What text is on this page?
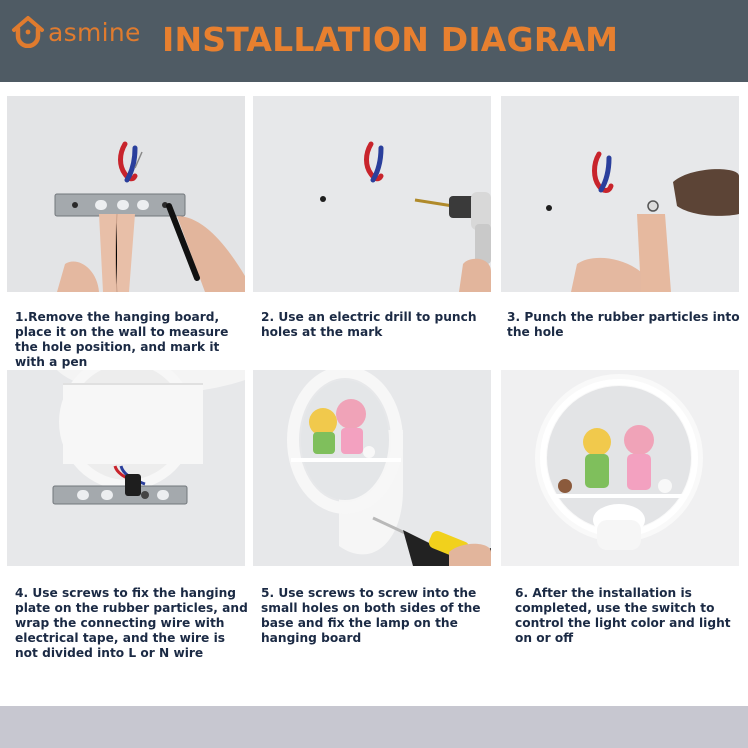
asmine INSTALLATION DIAGRAM
1.Remove the hanging board, place it on the wall to measure the hole position, and mark it with a pen
2. Use an electric drill to punch holes at the mark
3. Punch the rubber particles into the hole
4. Use screws to fix the hanging plate on the rubber particles, and wrap the connecting wire with electrical tape, and the wire is not divided into L or N wire
5. Use screws to screw into the small holes on both sides of the base and fix the lamp on the hanging board
6. After the installation is completed, use the switch to control the light color and light on or off
